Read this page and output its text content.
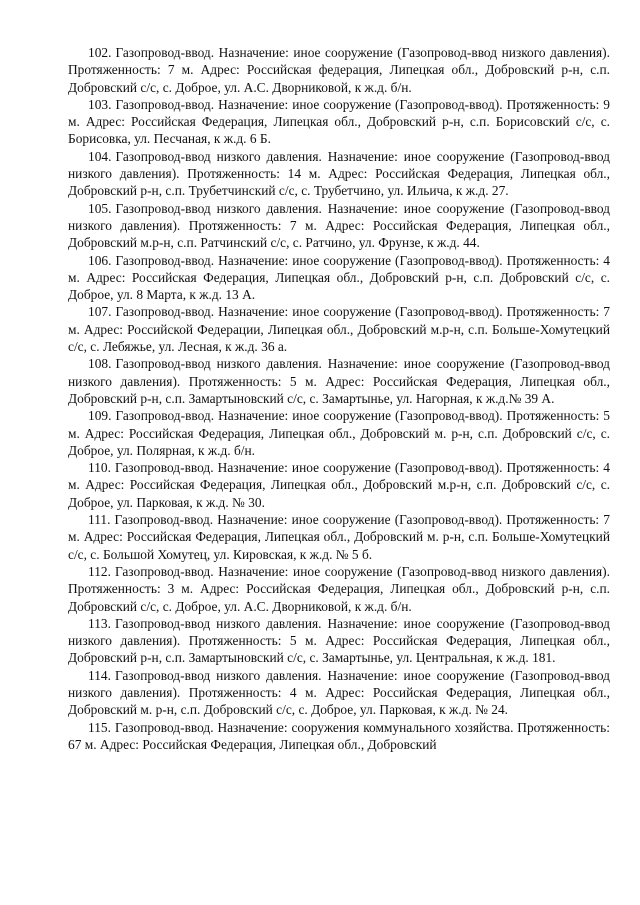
102. Газопровод-ввод. Назначение: иное сооружение (Газопровод-ввод низкого давления). Протяженность: 7 м. Адрес: Российская федерация, Липецкая обл., Добровский р-н, с.п. Добровский с/с, с. Доброе, ул. А.С. Дворниковой, к ж.д. б/н.

103. Газопровод-ввод. Назначение: иное сооружение (Газопровод-ввод). Протяженность: 9 м. Адрес: Российская Федерация, Липецкая обл., Добровский р-н, с.п. Борисовский с/с, с. Борисовка, ул. Песчаная, к ж.д. 6 Б.

104. Газопровод-ввод низкого давления. Назначение: иное сооружение (Газопровод-ввод низкого давления). Протяженность: 14 м. Адрес: Российская Федерация, Липецкая обл., Добровский р-н, с.п. Трубетчинский с/с, с. Трубетчино, ул. Ильича, к ж.д. 27.

105. Газопровод-ввод низкого давления. Назначение: иное сооружение (Газопровод-ввод низкого давления). Протяженность: 7 м. Адрес: Российская Федерация, Липецкая обл., Добровский м.р-н, с.п. Ратчинский с/с, с. Ратчино, ул. Фрунзе, к ж.д. 44.

106. Газопровод-ввод. Назначение: иное сооружение (Газопровод-ввод). Протяженность: 4 м. Адрес: Российская Федерация, Липецкая обл., Добровский р-н, с.п. Добровский с/с, с. Доброе, ул. 8 Марта, к ж.д. 13 А.

107. Газопровод-ввод. Назначение: иное сооружение (Газопровод-ввод). Протяженность: 7 м. Адрес: Российской Федерации, Липецкая обл., Добровский м.р-н, с.п. Больше-Хомутецкий с/с, с. Лебяжье, ул. Лесная, к ж.д. 36 а.

108. Газопровод-ввод низкого давления. Назначение: иное сооружение (Газопровод-ввод низкого давления). Протяженность: 5 м. Адрес: Российская Федерация, Липецкая обл., Добровский р-н, с.п. Замартыновский с/с, с. Замартынье, ул. Нагорная, к ж.д.№ 39 А.

109. Газопровод-ввод. Назначение: иное сооружение (Газопровод-ввод). Протяженность: 5 м. Адрес: Российская Федерация, Липецкая обл., Добровский м. р-н, с.п. Добровский с/с, с. Доброе, ул. Полярная, к ж.д. б/н.

110. Газопровод-ввод. Назначение: иное сооружение (Газопровод-ввод). Протяженность: 4 м. Адрес: Российская Федерация, Липецкая обл., Добровский м.р-н, с.п. Добровский с/с, с. Доброе, ул. Парковая, к ж.д. № 30.

111. Газопровод-ввод. Назначение: иное сооружение (Газопровод-ввод). Протяженность: 7 м. Адрес: Российская Федерация, Липецкая обл., Добровский м. р-н, с.п. Больше-Хомутецкий с/с, с. Большой Хомутец, ул. Кировская, к ж.д. № 5 б.

112. Газопровод-ввод. Назначение: иное сооружение (Газопровод-ввод низкого давления). Протяженность: 3 м. Адрес: Российская Федерация, Липецкая обл., Добровский р-н, с.п. Добровский с/с, с. Доброе, ул. А.С. Дворниковой, к ж.д. б/н.

113. Газопровод-ввод низкого давления. Назначение: иное сооружение (Газопровод-ввод низкого давления). Протяженность: 5 м. Адрес: Российская Федерация, Липецкая обл., Добровский р-н, с.п. Замартыновский с/с, с. Замартынье, ул. Центральная, к ж.д. 181.

114. Газопровод-ввод низкого давления. Назначение: иное сооружение (Газопровод-ввод низкого давления). Протяженность: 4 м. Адрес: Российская Федерация, Липецкая обл., Добровский м. р-н, с.п. Добровский с/с, с. Доброе, ул. Парковая, к ж.д. № 24.

115. Газопровод-ввод. Назначение: сооружения коммунального хозяйства. Протяженность: 67 м. Адрес: Российская Федерация, Липецкая обл., Добровский
